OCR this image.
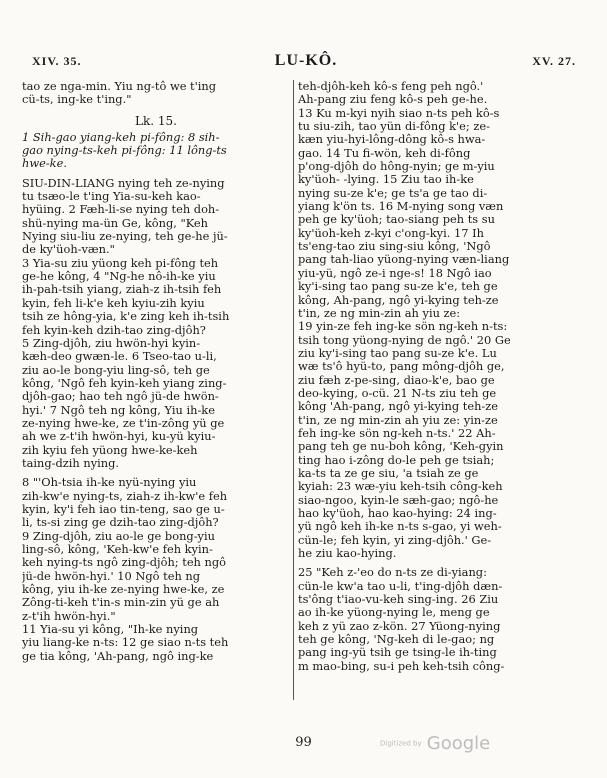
XIV. 35.	LU-KÔ.	XV. 27.
tao ze nga-min. Yiu ng-tô we t'ing
cü-ts, ing-ke t'ing."
Lk. 15.
1 Sih-gao yiang-keh pi-fông: 8 sih-
gao nying-ts-keh pi-fông: 11 lông-ts
hwe-ke.
SIU-DIN-LIANG nying teh ze-nying
tu tsæo-le t'ing Yia-su-keh kao-
hyüing. 2 Fæh-li-se nying teh doh-
shü-nying ma-ün Ge, kông, "Keh
Nying siu-liu ze-nying, teh ge-he jü-
de ky'üoh-væn."
3 Yia-su ziu yüong keh pi-fông teh
ge-he kông, 4 "Ng-he nô-ih-ke yiu
ih-pah-tsih yiang, ziah-z ih-tsih feh
kyin, feh li-k'e keh kyiu-zih kyiu
tsih ze hông-yia, k'e zing keh ih-tsih
feh kyin-keh dzih-tao zing-djôh?
5 Zing-djôh, ziu hwön-hyi kyin-
kæh-deo gwæn-le. 6 Tseo-tao u-li,
ziu ao-le bong-yiu ling-sô, teh ge
kông, 'Ngô feh kyin-keh yiang zing-
djôh-gao; hao teh ngô jü-de hwön-
hyi.' 7 Ngô teh ng kông, Yiu ih-ke
ze-nying hwe-ke, ze t'in-zông yü ge
ah we z-t'ih hwön-hyi, ku-yü kyiu-
zih kyiu feh yüong hwe-ke-keh
taing-dzih nying.
8 "'Oh-tsia ih-ke nyü-nying yiu
zih-kw'e nying-ts, ziah-z ih-kw'e feh
kyin, ky'i feh iao tin-teng, sao ge u-
li, ts-si zing ge dzih-tao zing-djôh?
9 Zing-djôh, ziu ao-le ge bong-yiu
ling-sô, kông, 'Keh-kw'e feh kyin-
keh nying-ts ngô zing-djôh; teh ngô
jü-de hwön-hyi.' 10 Ngô teh ng
kông, yiu ih-ke ze-nying hwe-ke, ze
Zông-ti-keh t'in-s min-zin yü ge ah
z-t'ih hwön-hyi."
11 Yia-su yi kông, "Ih-ke nying
yiu liang-ke n-ts: 12 ge siao n-ts teh
ge tia kông, 'Ah-pang, ngô ing-ke
teh-djôh-keh kô-s feng peh ngô.'
Ah-pang ziu feng kô-s peh ge-he.
13 Ku m-kyi nyih siao n-ts peh kô-s
tu siu-zih, tao yün di-fông k'e; ze-
kæn yiu-hyi-lông-dông kô-s hwa-
gao. 14 Tu fi-wön, keh di-fông
p'ong-djôh do hông-nyin; ge m-yiu
ky'üoh- -lying. 15 Ziu tao ih-ke
nying su-ze k'e; ge ts'a ge tao di-
yiang k'ön ts. 16 M-nying song væn
peh ge ky'üoh; tao-siang peh ts su
ky'üoh-keh z-kyi c'ong-kyi. 17 Ih
ts'eng-tao ziu sing-siu kông, 'Ngô
pang tah-liao yüong-nying væn-liang
yiu-yü, ngô ze-i nge-s! 18 Ngô iao
ky'i-sing tao pang su-ze k'e, teh ge
kông, Ah-pang, ngô yi-kying teh-ze
t'in, ze ng min-zin ah yiu ze:
19 yin-ze feh ing-ke sön ng-keh n-ts:
tsih tong yüong-nying de ngô.' 20 Ge
ziu ky'i-sing tao pang su-ze k'e. Lu
wæ ts'ô hyü-to, pang mông-djôh ge,
ziu fæh z-pe-sing, diao-k'e, bao ge
deo-kying, o-cü. 21 N-ts ziu teh ge
kông 'Ah-pang, ngô yi-kying teh-ze
t'in, ze ng min-zin ah yiu ze: yin-ze
feh ing-ke sön ng-keh n-ts.' 22 Ah-
pang teh ge nu-boh kông, 'Keh-gyin
ting hao i-zông do-le peh ge tsiah;
ka-ts ta ze ge siu, 'a tsiah ze ge
kyiah: 23 wæ-yiu keh-tsih công-keh
siao-ngoo, kyin-le sæh-gao; ngô-he
hao ky'üoh, hao kao-hying: 24 ing-
yü ngô keh ih-ke n-ts s-gao, yi weh-
cün-le; feh kyin, yi zing-djôh.' Ge-
he ziu kao-hying.
25 "Keh z-'eo do n-ts ze di-yiang:
cün-le kw'a tao u-li, t'ing-djôh dæn-
ts'ông t'iao-vu-keh sing-ing. 26 Ziu
ao ih-ke yüong-nying le, meng ge
keh z yü zao z-kön. 27 Yüong-nying
teh ge kông, 'Ng-keh di le-gao; ng
pang ing-yü tsih ge tsing-le ih-ting
m mao-bing, su-i peh keh-tsih công-
99	Digitized by Google
